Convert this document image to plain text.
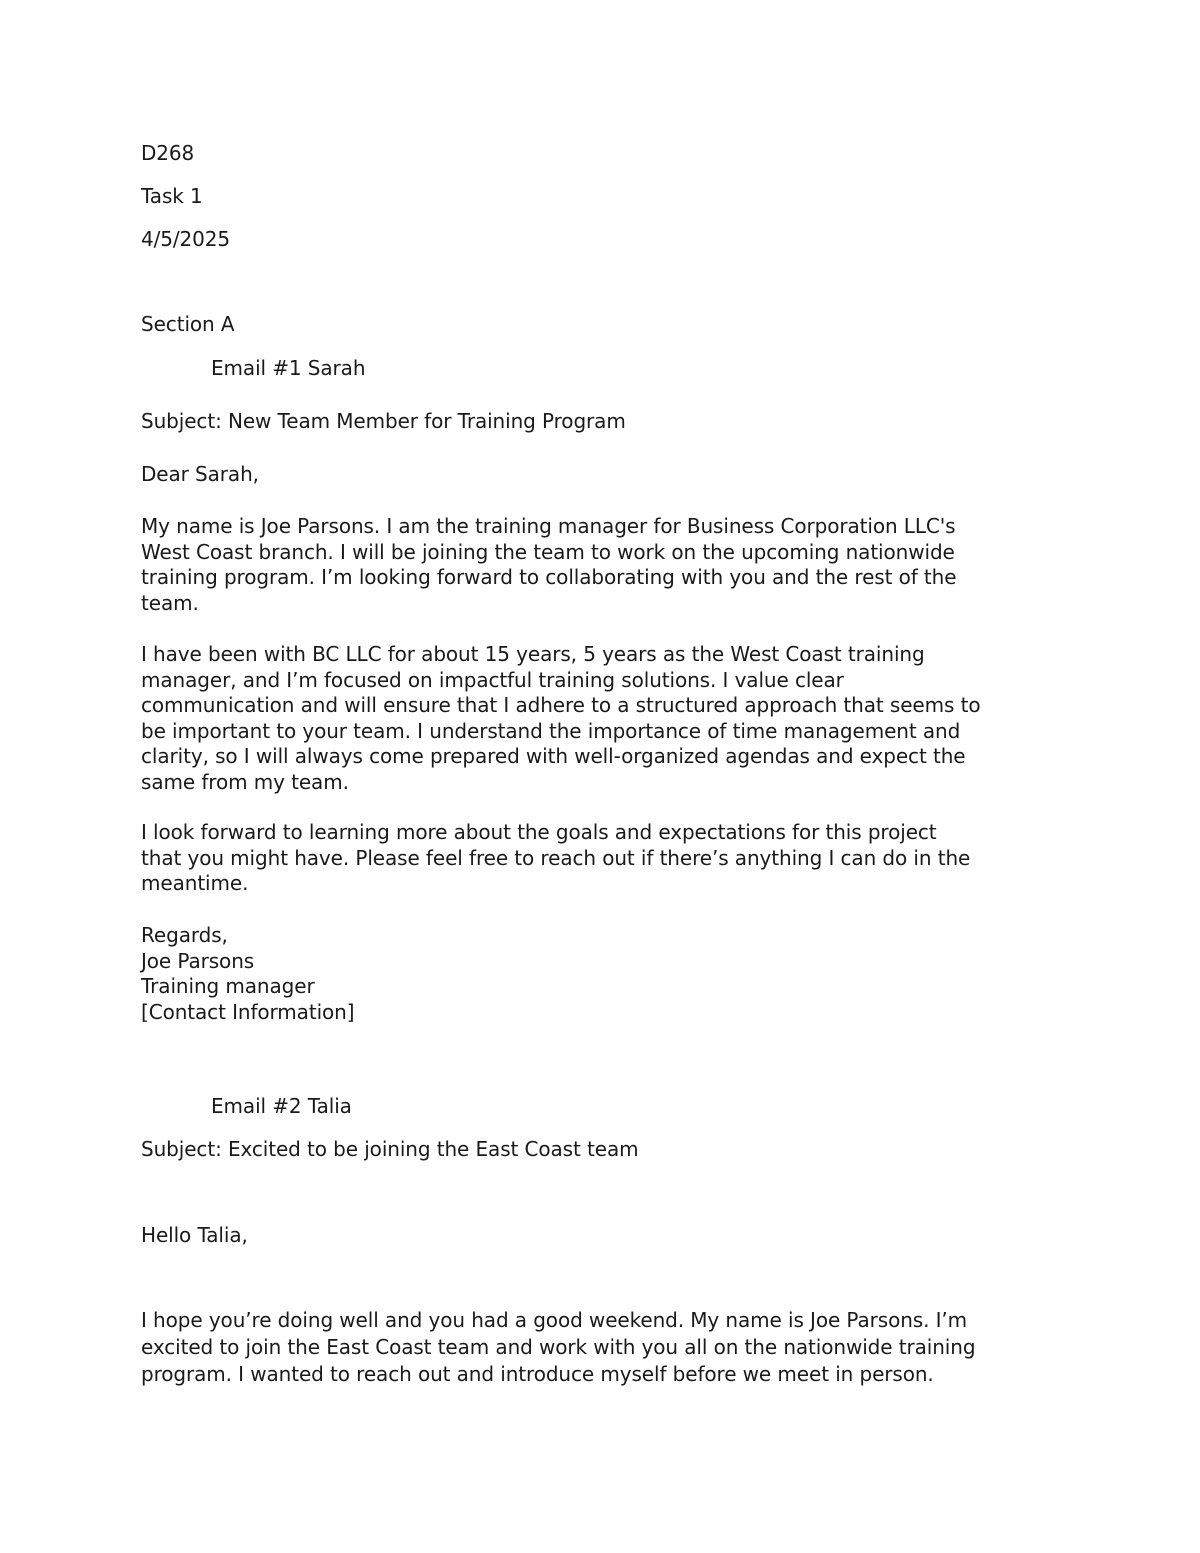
D268
Task 1
4/5/2025
Section A
Email #1 Sarah
Subject: New Team Member for Training Program
Dear Sarah,
My name is Joe Parsons. I am the training manager for Business Corporation LLC's
West Coast branch. I will be joining the team to work on the upcoming nationwide
training program. I’m looking forward to collaborating with you and the rest of the
team.
I have been with BC LLC for about 15 years, 5 years as the West Coast training
manager, and I’m focused on impactful training solutions. I value clear
communication and will ensure that I adhere to a structured approach that seems to
be important to your team. I understand the importance of time management and
clarity, so I will always come prepared with well-organized agendas and expect the
same from my team.
I look forward to learning more about the goals and expectations for this project
that you might have. Please feel free to reach out if there’s anything I can do in the
meantime.
Regards,
Joe Parsons
Training manager
[Contact Information]
Email #2 Talia
Subject: Excited to be joining the East Coast team
Hello Talia,
I hope you’re doing well and you had a good weekend. My name is Joe Parsons. I’m
excited to join the East Coast team and work with you all on the nationwide training
program. I wanted to reach out and introduce myself before we meet in person.
